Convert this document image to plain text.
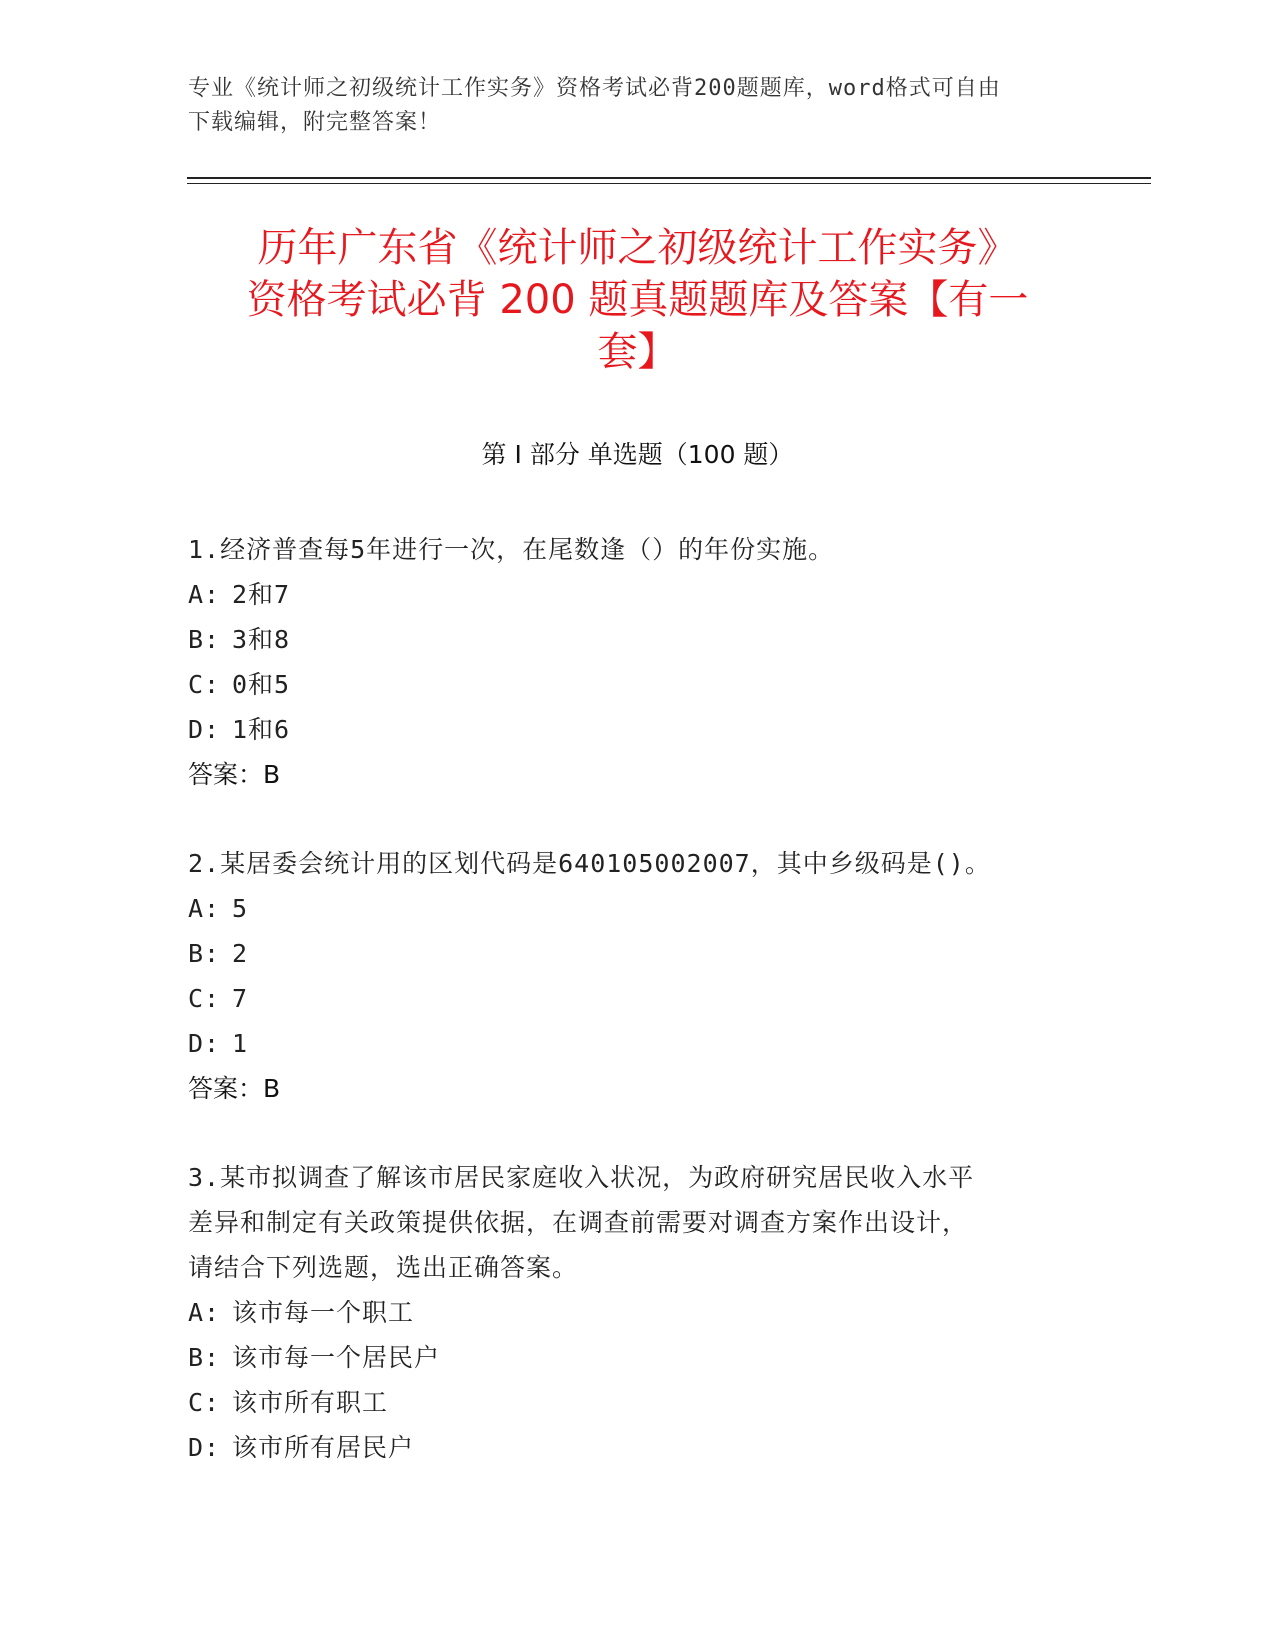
专业《统计师之初级统计工作实务》资格考试必背200题题库，word格式可自由
下载编辑，附完整答案！
历年广东省《统计师之初级统计工作实务》
资格考试必背 200 题真题题库及答案【有一
套】
第 I 部分 单选题（100 题）

1.经济普查每5年进行一次，在尾数逢（）的年份实施。

A: 2和7

B: 3和8

C: 0和5

D: 1和6

答案：B

2.某居委会统计用的区划代码是640105002007，其中乡级码是()。

A: 5

B: 2

C: 7

D: 1

答案：B

3.某市拟调查了解该市居民家庭收入状况，为政府研究居民收入水平

差异和制定有关政策提供依据，在调查前需要对调查方案作出设计，

请结合下列选题，选出正确答案。

A: 该市每一个职工

B: 该市每一个居民户

C: 该市所有职工

D: 该市所有居民户
